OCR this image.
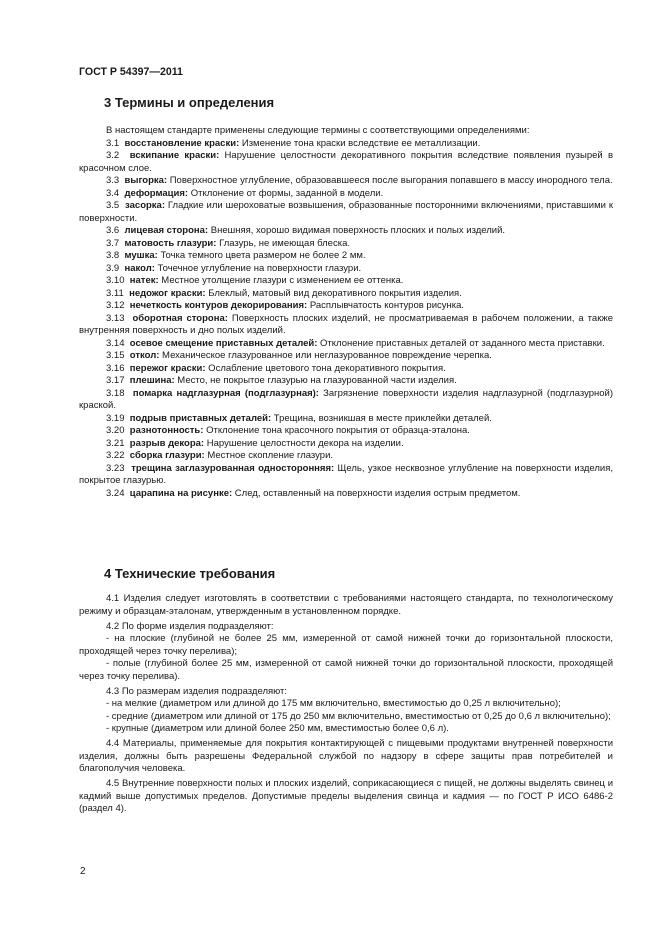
ГОСТ Р 54397—2011
3 Термины и определения

В настоящем стандарте применены следующие термины с соответствующими определениями:

3.1 восстановление краски: Изменение тона краски вследствие ее металлизации.

3.2 вскипание краски: Нарушение целостности декоративного покрытия вследствие появления пузырей в красочном слое.

3.3 выгорка: Поверхностное углубление, образовавшееся после выгорания попавшего в массу инородного тела.

3.4 деформация: Отклонение от формы, заданной в модели.

3.5 засорка: Гладкие или шероховатые возвышения, образованные посторонними включениями, приставшими к поверхности.

3.6 лицевая сторона: Внешняя, хорошо видимая поверхность плоских и полых изделий.

3.7 матовость глазури: Глазурь, не имеющая блеска.

3.8 мушка: Точка темного цвета размером не более 2 мм.

3.9 накол: Точечное углубление на поверхности глазури.

3.10 натек: Местное утолщение глазури с изменением ее оттенка.

3.11 недожог краски: Блеклый, матовый вид декоративного покрытия изделия.

3.12 нечеткость контуров декорирования: Расплывчатость контуров рисунка.

3.13 оборотная сторона: Поверхность плоских изделий, не просматриваемая в рабочем положении, а также внутренняя поверхность и дно полых изделий.

3.14 осевое смещение приставных деталей: Отклонение приставных деталей от заданного места приставки.

3.15 откол: Механическое глазурованное или неглазурованное повреждение черепка.

3.16 пережог краски: Ослабление цветового тона декоративного покрытия.

3.17 плешина: Место, не покрытое глазурью на глазурованной части изделия.

3.18 помарка надглазурная (подглазурная): Загрязнение поверхности изделия надглазурной (подглазурной) краской.

3.19 подрыв приставных деталей: Трещина, возникшая в месте приклейки деталей.

3.20 разнотонность: Отклонение тона красочного покрытия от образца-эталона.

3.21 разрыв декора: Нарушение целостности декора на изделии.

3.22 сборка глазури: Местное скопление глазури.

3.23 трещина заглазурованная односторонняя: Щель, узкое несквозное углубление на поверхности изделия, покрытое глазурью.

3.24 царапина на рисунке: След, оставленный на поверхности изделия острым предметом.

4 Технические требования

4.1 Изделия следует изготовлять в соответствии с требованиями настоящего стандарта, по технологическому режиму и образцам-эталонам, утвержденным в установленном порядке.

4.2 По форме изделия подразделяют:

- на плоские (глубиной не более 25 мм, измеренной от самой нижней точки до горизонтальной плоскости, проходящей через точку перелива);

- полые (глубиной более 25 мм, измеренной от самой нижней точки до горизонтальной плоскости, проходящей через точку перелива).

4.3 По размерам изделия подразделяют:

- на мелкие (диаметром или длиной до 175 мм включительно, вместимостью до 0,25 л включительно);

- средние (диаметром или длиной от 175 до 250 мм включительно, вместимостью от 0,25 до 0,6 л включительно);

- крупные (диаметром или длиной более 250 мм, вместимостью более 0,6 л).

4.4 Материалы, применяемые для покрытия контактирующей с пищевыми продуктами внутренней поверхности изделия, должны быть разрешены Федеральной службой по надзору в сфере защиты прав потребителей и благополучия человека.

4.5 Внутренние поверхности полых и плоских изделий, соприкасающиеся с пищей, не должны выделять свинец и кадмий выше допустимых пределов. Допустимые пределы выделения свинца и кадмия — по ГОСТ Р ИСО 6486-2 (раздел 4).

2
